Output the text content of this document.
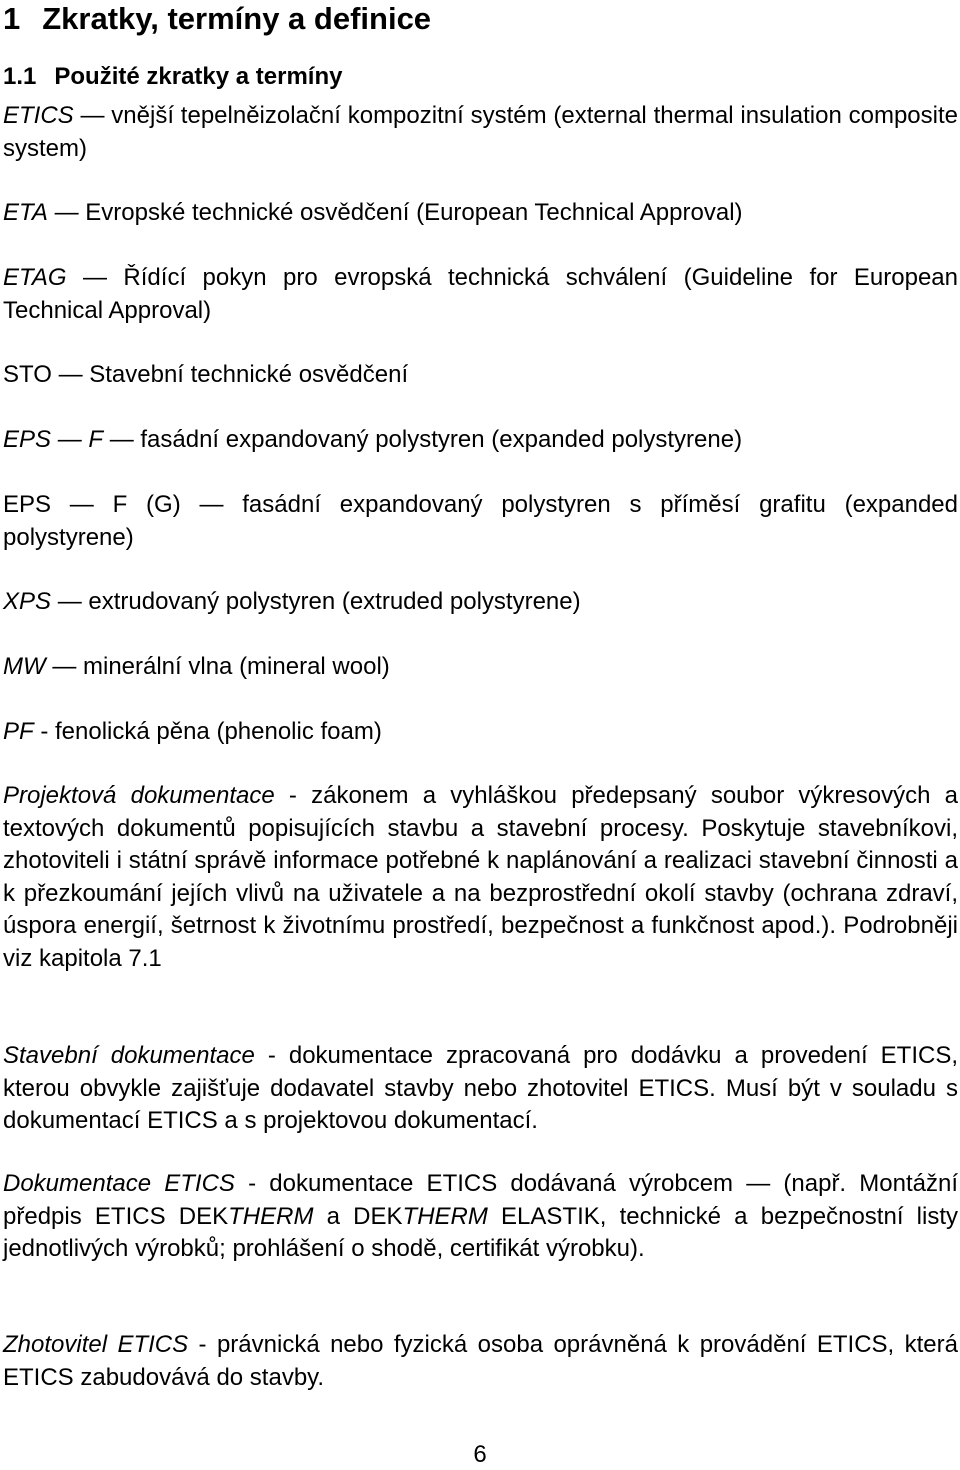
1 Zkratky, termíny a definice
1.1 Použité zkratky a termíny

ETICS — vnější tepelněizolační kompozitní systém (external thermal insulation composite system)

ETA — Evropské technické osvědčení (European Technical Approval)

ETAG — Řídící pokyn pro evropská technická schválení (Guideline for European Technical Approval)

STO — Stavební technické osvědčení

EPS — F — fasádní expandovaný polystyren (expanded polystyrene)

EPS — F (G) — fasádní expandovaný polystyren s příměsí grafitu (expanded polystyrene)

XPS — extrudovaný polystyren (extruded polystyrene)

MW — minerální vlna (mineral wool)

PF - fenolická pěna (phenolic foam)

Projektová dokumentace - zákonem a vyhláškou předepsaný soubor výkresových a textových dokumentů popisujících stavbu a stavební procesy. Poskytuje stavebníkovi, zhotoviteli i státní správě informace potřebné k naplánování a realizaci stavební činnosti a k přezkoumání jejích vlivů na uživatele a na bezprostřední okolí stavby (ochrana zdraví, úspora energií, šetrnost k životnímu prostředí, bezpečnost a funkčnost apod.). Podrobněji viz kapitola 7.1

Stavební dokumentace - dokumentace zpracovaná pro dodávku a provedení ETICS, kterou obvykle zajišťuje dodavatel stavby nebo zhotovitel ETICS. Musí být v souladu s dokumentací ETICS a s projektovou dokumentací.

Dokumentace ETICS - dokumentace ETICS dodávaná výrobcem — (např. Montážní předpis ETICS DEKTHERM a DEKTHERM ELASTIK, technické a bezpečnostní listy jednotlivých výrobků; prohlášení o shodě, certifikát výrobku).

Zhotovitel ETICS - právnická nebo fyzická osoba oprávněná k provádění ETICS, která ETICS zabudovává do stavby.

6
